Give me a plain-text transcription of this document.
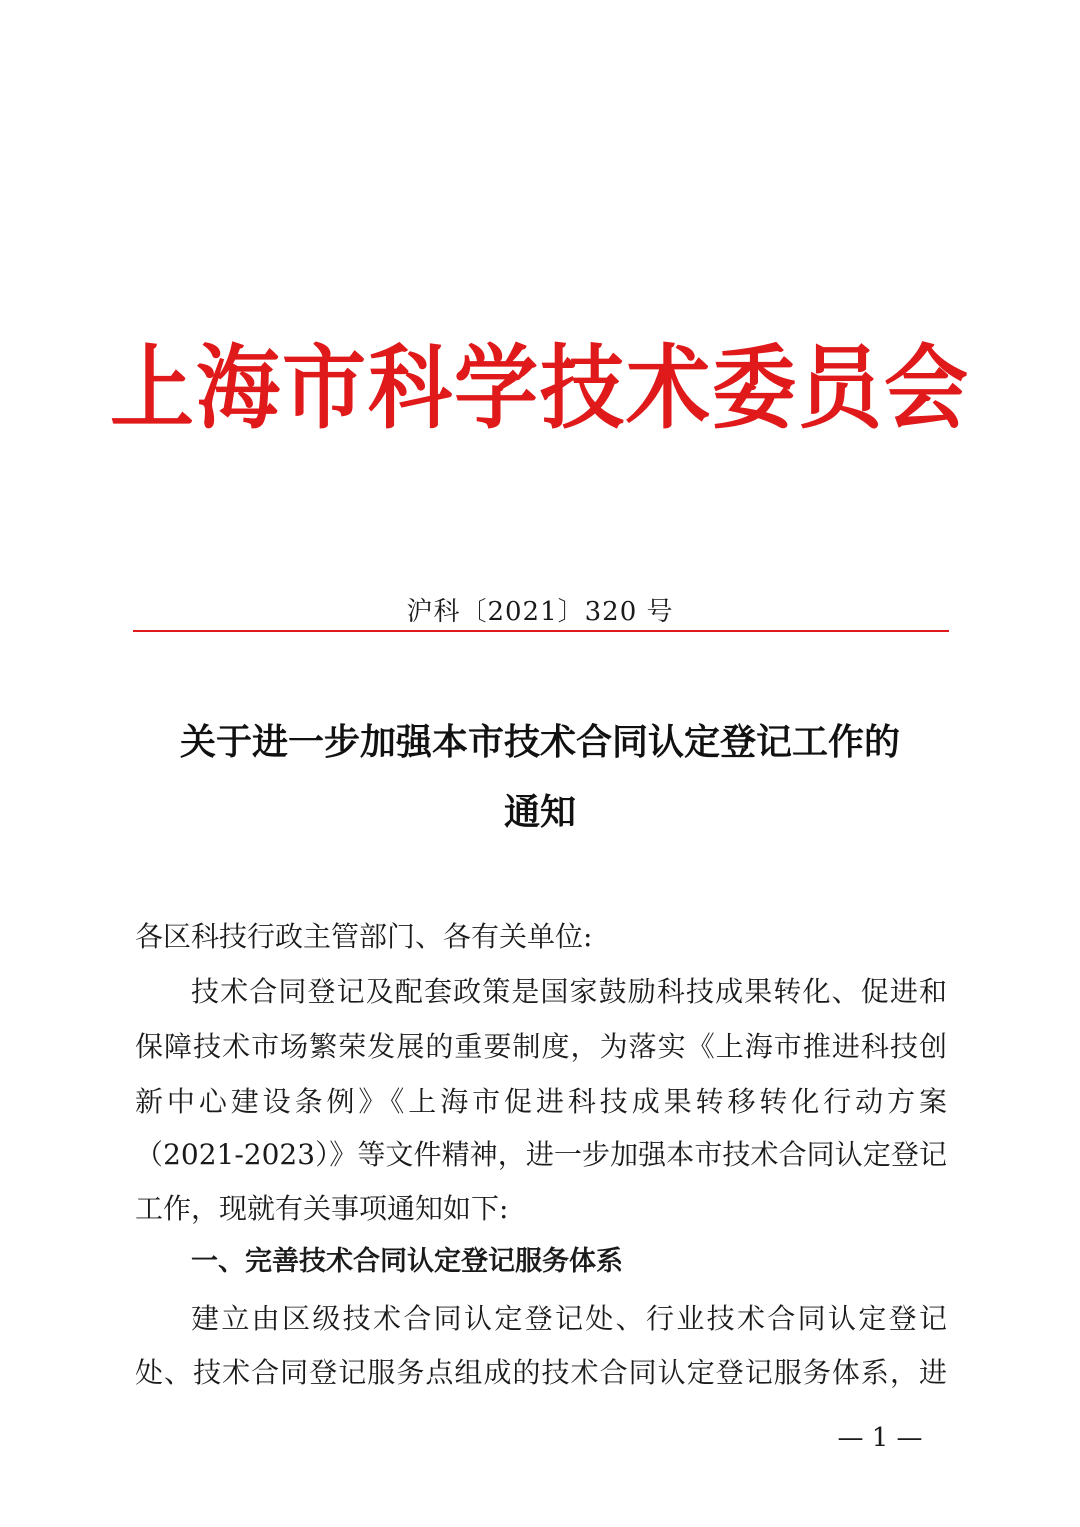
上海市科学技术委员会
沪科〔2021〕320 号
关于进一步加强本市技术合同认定登记工作的
通知
各区科技行政主管部门、各有关单位:
技术合同登记及配套政策是国家鼓励科技成果转化、促进和
保障技术市场繁荣发展的重要制度，为落实《上海市推进科技创
新中心建设条例》《上海市促进科技成果转移转化行动方案
（2021-2023）》等文件精神，进一步加强本市技术合同认定登记
工作，现就有关事项通知如下:
一、完善技术合同认定登记服务体系
建立由区级技术合同认定登记处、行业技术合同认定登记
处、技术合同登记服务点组成的技术合同认定登记服务体系，进
— 1 —
